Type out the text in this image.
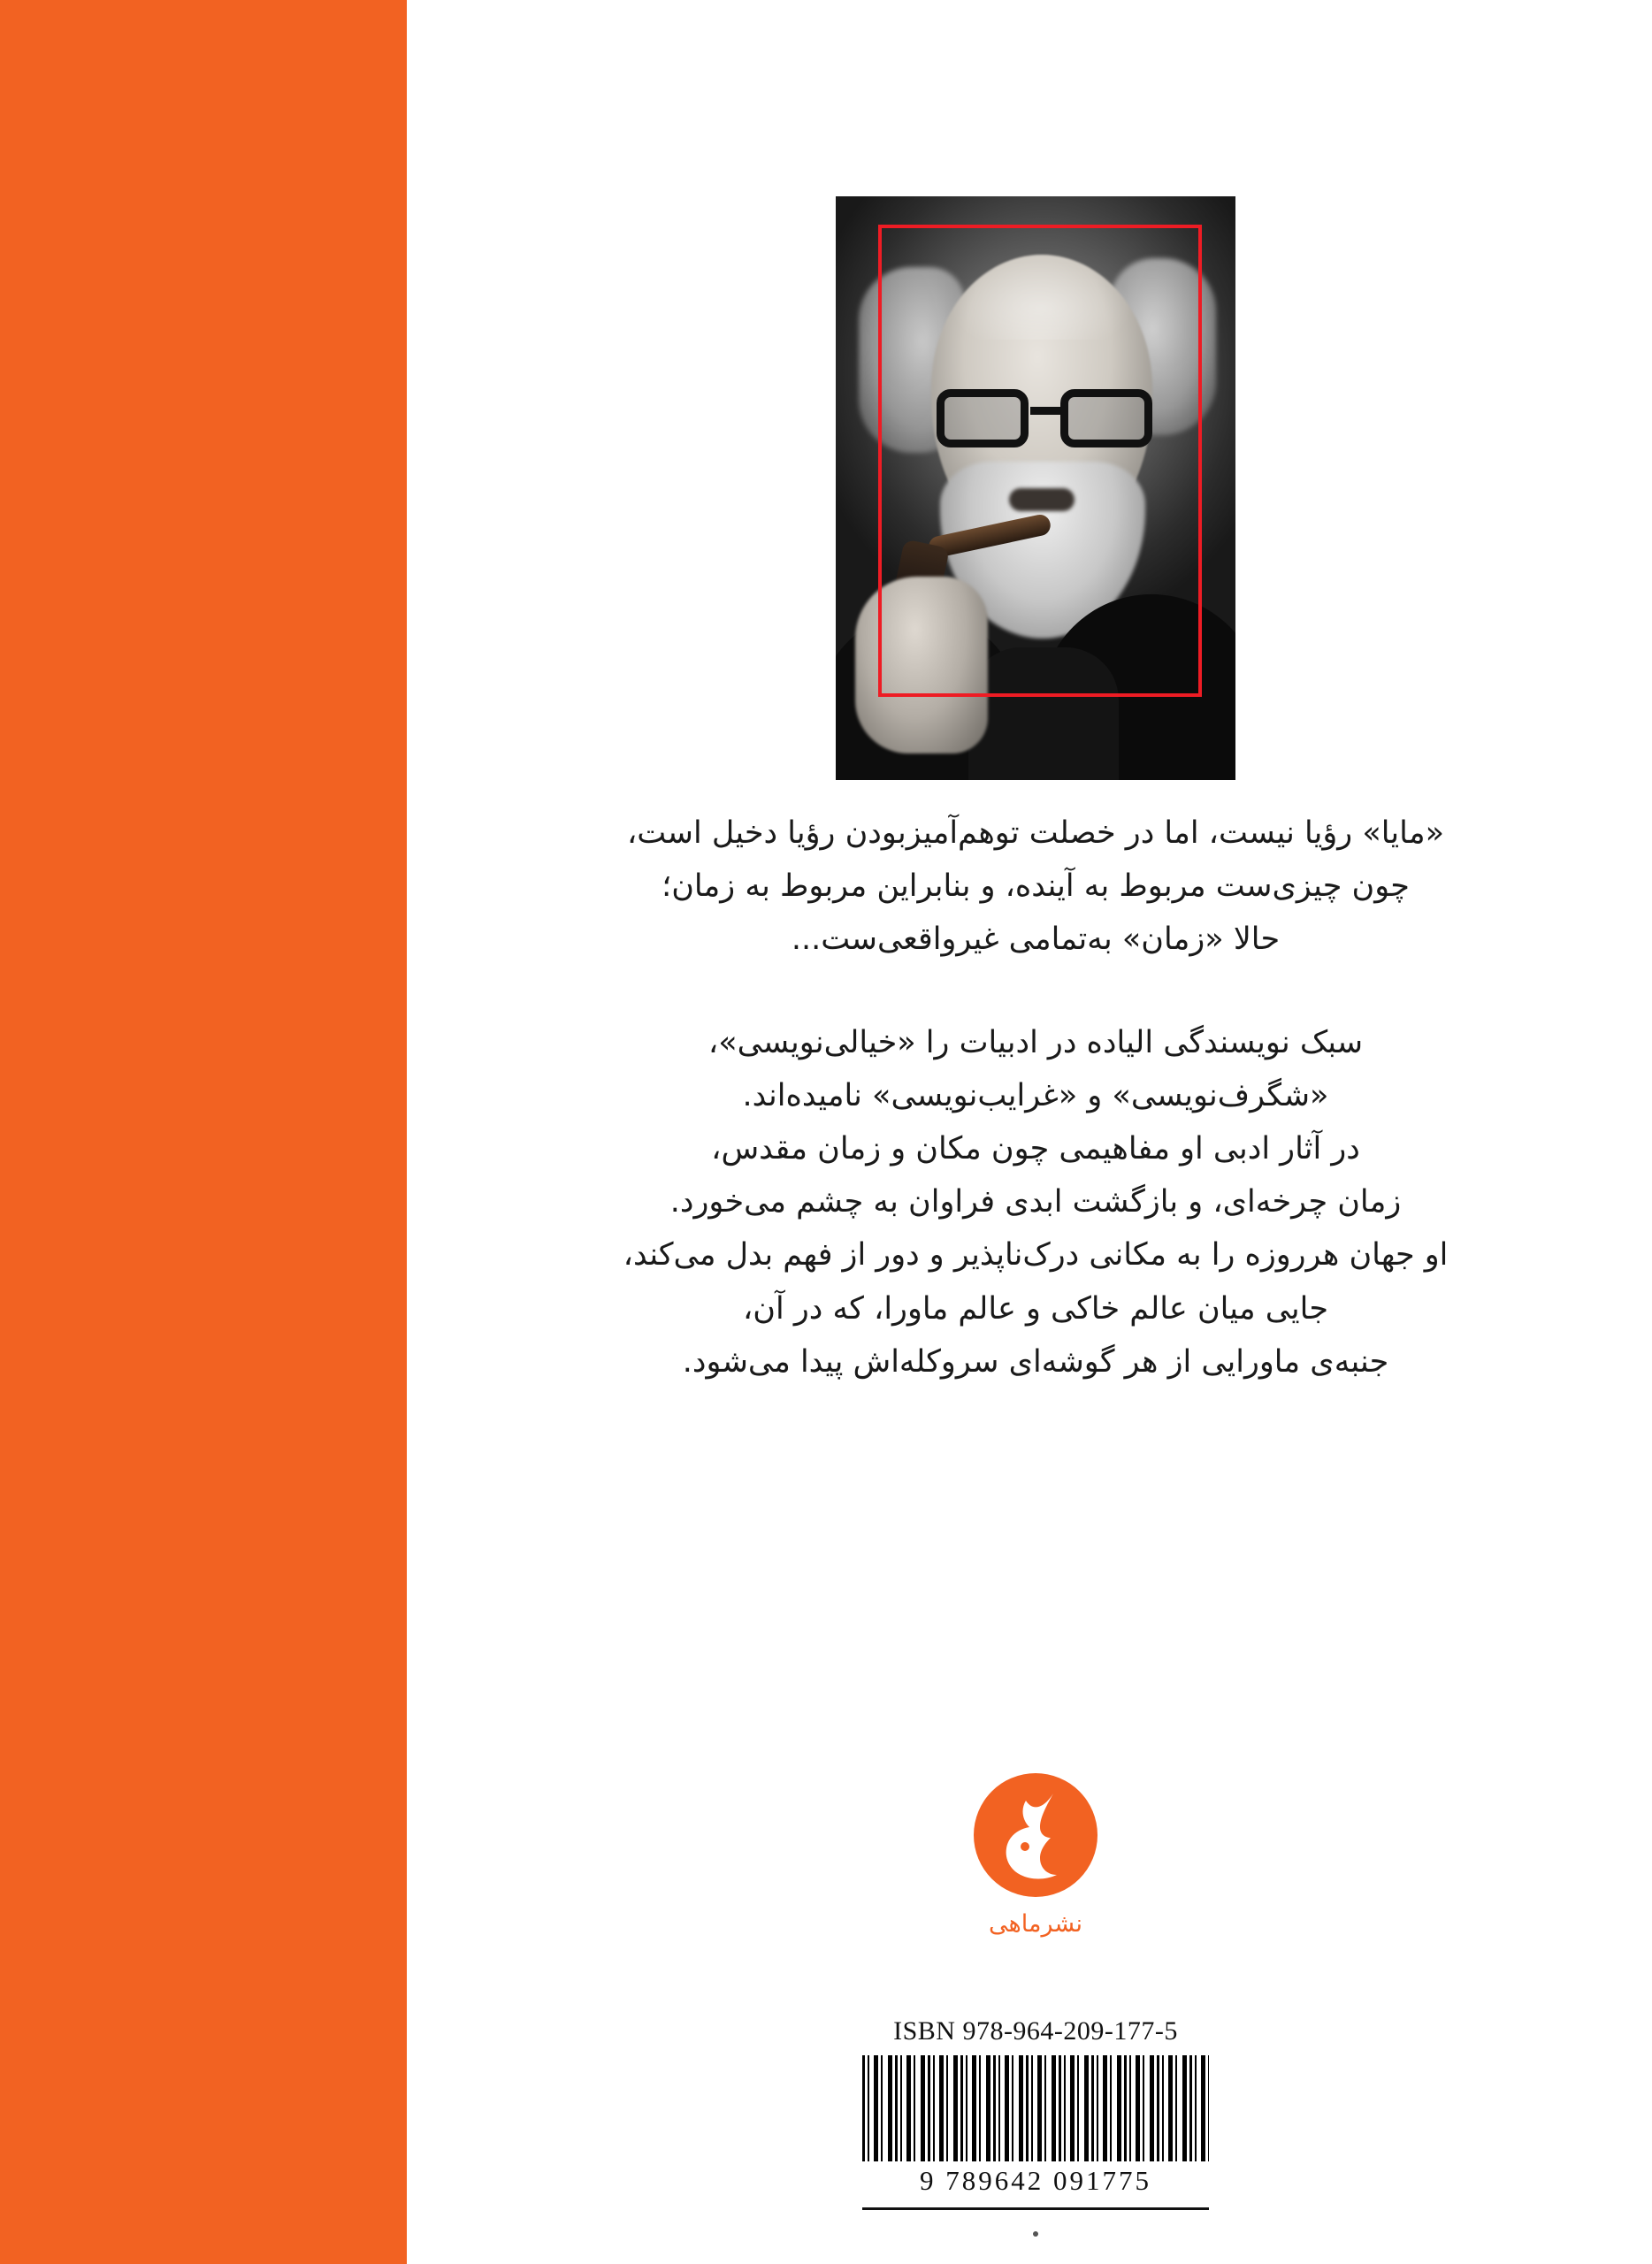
«مایا» رؤیا نیست، اما در خصلت توهم‌آمیزبودن رؤیا دخیل است،

چون چیزی‌ست مربوط به آینده، و بنابراین مربوط به زمان؛

حالا «زمان» به‌تمامی غیرواقعی‌ست...

سبک نویسندگی الیاده در ادبیات را «خیالی‌نویسی»،

«شگرف‌نویسی» و «غرایب‌نویسی» نامیده‌اند.

در آثار ادبی او مفاهیمی چون مکان و زمان مقدس،

زمان چرخه‌ای، و بازگشت ابدی فراوان به چشم می‌خورد.

او جهان هرروزه را به مکانی درک‌ناپذیر و دور از فهم بدل می‌کند،

جایی میان عالم خاکی و عالم ماورا، که در آن،

جنبه‌ی ماورایی از هر گوشه‌ای سروکله‌اش پیدا می‌شود.

نشرماهی
ISBN 978-964-209-177-5
9 789642 091775
